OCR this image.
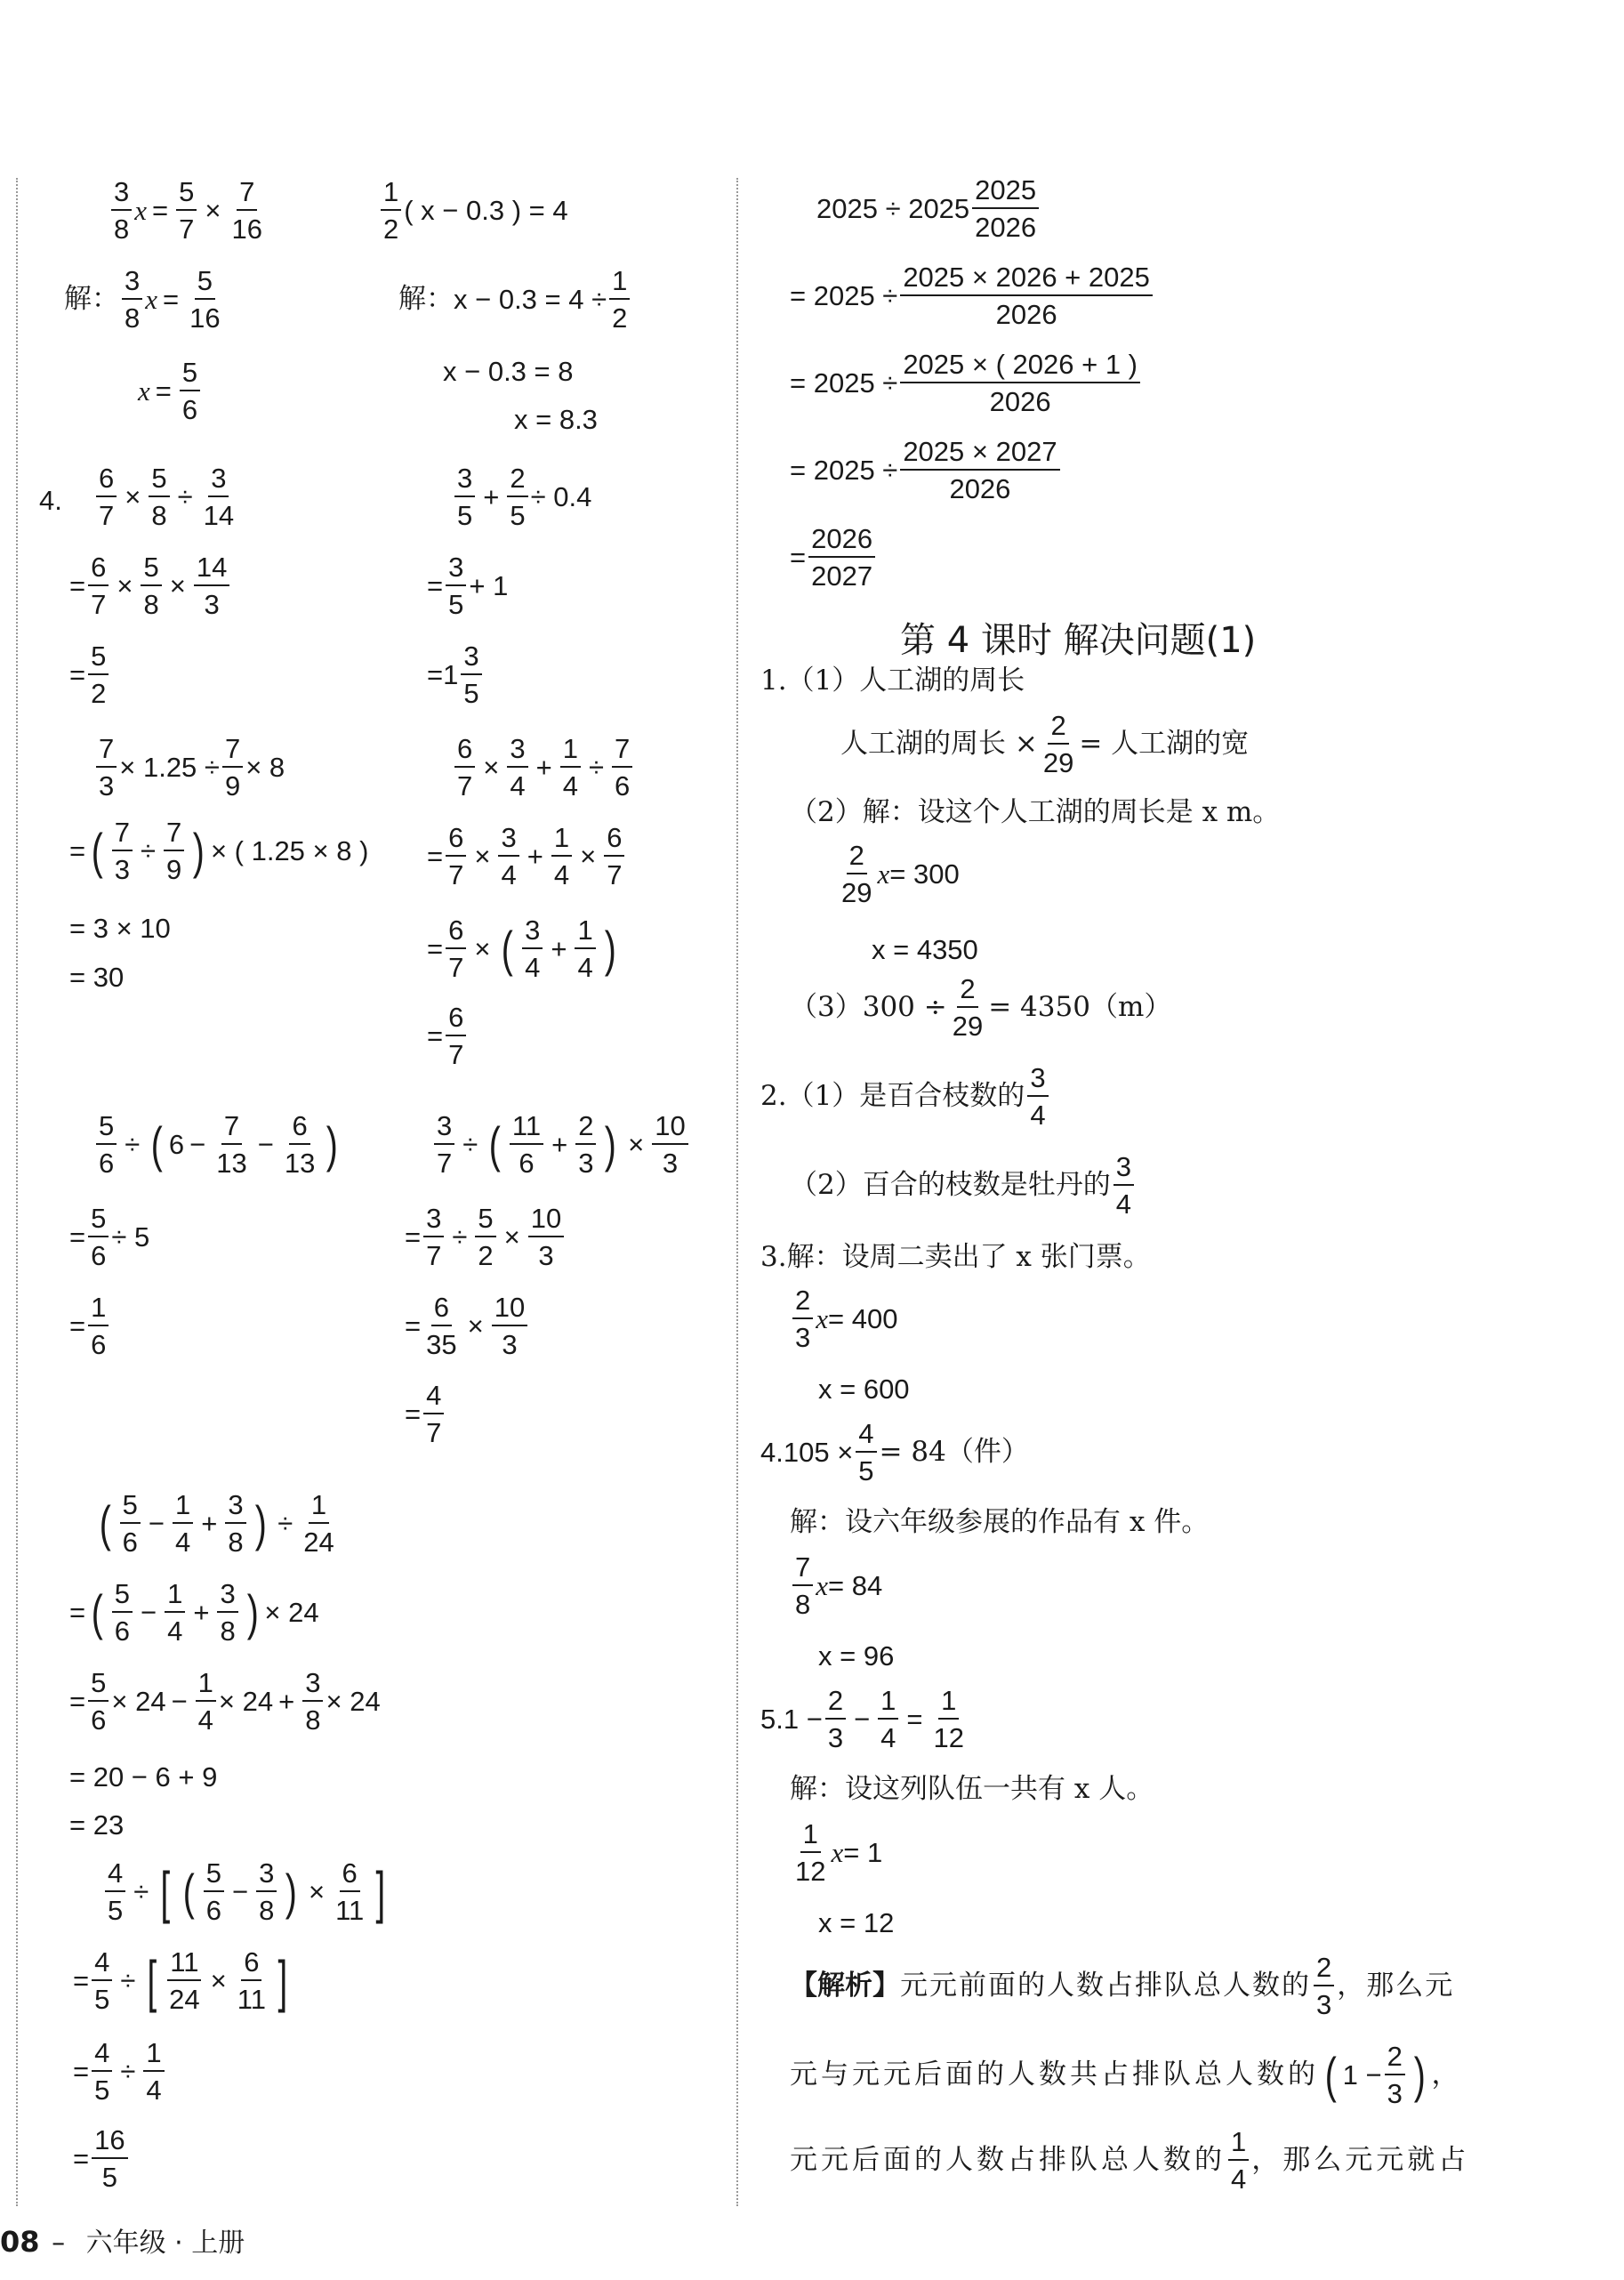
$\frac{3}{8}$ $x = \frac{5}{7} \times \frac{7}{16}$
解： $\frac{3}{8}$ $x = \frac{5}{16}$
$x = \frac{5}{6}$
$\frac{1}{2}$ ( x − 0.3 ) = 4
解： $x - 0.3 = 4 \div \frac{1}{2}$
x − 0.3 = 8
x = 8.3
4. $\frac{6}{7} \times \frac{5}{8} \div \frac{3}{14}$
= $\frac{6}{7} \times \frac{5}{8} \times \frac{14}{3}$
= $\frac{5}{2}$
$\frac{3}{5} + \frac{2}{5} \div 0.4$
= $\frac{3}{5} + 1$
= $1 \frac{3}{5}$
$\frac{7}{3} \times 1.25 \div \frac{7}{9} \times 8$
= ( $\frac{7}{3} \div \frac{7}{9}$ ) × ( 1.25 × 8 )
= 3 × 10
= 30
$\frac{6}{7} \times \frac{3}{4} + \frac{1}{4} \div \frac{7}{6}$
= $\frac{6}{7} \times \frac{3}{4} + \frac{1}{4} \times \frac{6}{7}$
= $\frac{6}{7}$ × ( $\frac{3}{4} + \frac{1}{4}$ )
= $\frac{6}{7}$
$\frac{5}{6}$ ÷ ( $6 - \frac{7}{13} - \frac{6}{13}$ )
= $\frac{5}{6} \div 5$
= $\frac{1}{6}$
$\frac{3}{7}$ ÷ ( $\frac{11}{6} + \frac{2}{3}$ ) × $\frac{10}{3}$
= $\frac{3}{7} \div \frac{5}{2} \times \frac{10}{3}$
= $\frac{6}{35} \times \frac{10}{3}$
= $\frac{4}{7}$
( $\frac{5}{6} - \frac{1}{4} + \frac{3}{8}$ ) ÷ $\frac{1}{24}$
= ( $\frac{5}{6} - \frac{1}{4} + \frac{3}{8}$ ) × 24
= $\frac{5}{6} \times 24 - \frac{1}{4} \times 24 + \frac{3}{8} \times 24$
= 20 − 6 + 9
= 23
$\frac{4}{5}$ ÷ [ ( $\frac{5}{6} - \frac{3}{8}$ ) × $\frac{6}{11}$ ]
= $\frac{4}{5}$ ÷ [ $\frac{11}{24} \times \frac{6}{11}$ ]
= $\frac{4}{5} \div \frac{1}{4}$
= $\frac{16}{5}$
$2025 \div 2025 \frac{2025}{2026}$
= $2025 \div \frac{2025 \times 2026 + 2025}{2026}$
= $2025 \div \frac{2025 \times ( 2026 + 1 )}{2026}$
= $2025 \div \frac{2025 \times 2027}{2026}$
= $\frac{2026}{2027}$
第 4 课时 解决问题(1)
1.（1）人工湖的周长
人工湖的周长 × $\frac{2}{29}$ = 人工湖的宽
（2）解：设这个人工湖的周长是 x m。
$\frac{2}{29}$ x = 300
x = 4350
$(3)300 \div \frac{2}{29} = 4350(m)$
2.（1）是百合枝数的 $\frac{3}{4}$
（2）百合的枝数是牡丹的 $\frac{3}{4}$
3.解：设周二卖出了 x 张门票。
$\frac{2}{3}$ x = 400
x = 600
$4.105 \times \frac{4}{5} = 84$（件）
解：设六年级参展的作品有 x 件。
$\frac{7}{8}$ x = 84
x = 96
$5.1 - \frac{2}{3} - \frac{1}{4} = \frac{1}{12}$
解：设这列队伍一共有 x 人。
$\frac{1}{12}$ x = 1
x = 12
【解析】 元元前面的人数占排队总人数的 $\frac{2}{3}$ ，那么元
元与元元后面的人数共占排队总人数的 ( $1 - \frac{2}{3}$ ) ，
元元后面的人数占排队总人数的 $\frac{1}{4}$ ，那么元元就占
08 – 六年级 · 上册
